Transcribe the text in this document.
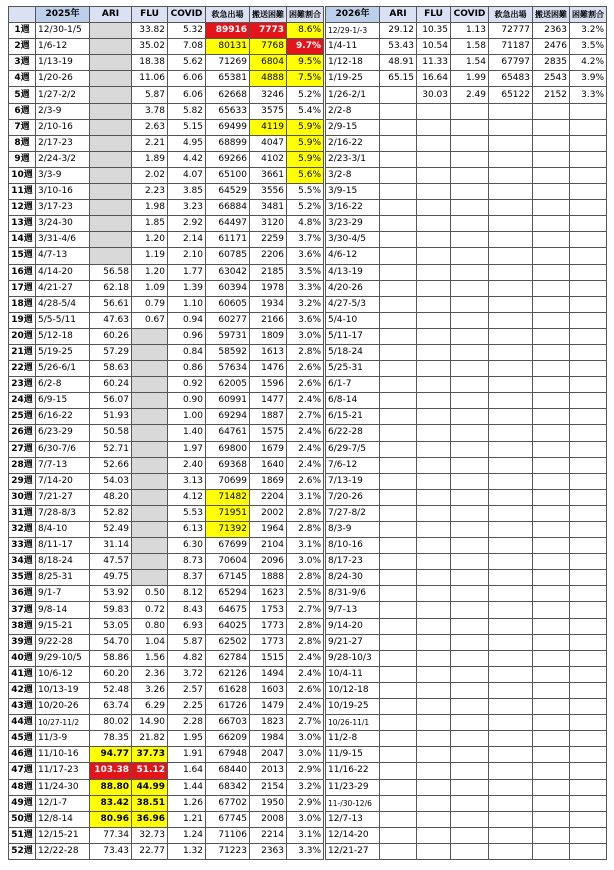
	2025年	ARI	FLU	COVID	救急出場	搬送困難	困難割合
1週	12/30-1/5		33.82	5.32	89916	7773	8.6%
2週	1/6-12		35.02	7.08	80131	7768	9.7%
3週	1/13-19		18.38	5.62	71269	6804	9.5%
4週	1/20-26		11.06	6.06	65381	4888	7.5%
5週	1/27-2/2		5.87	6.06	62668	3246	5.2%
6週	2/3-9		3.78	5.82	65633	3575	5.4%
7週	2/10-16		2.63	5.15	69499	4119	5.9%
8週	2/17-23		2.21	4.95	68899	4047	5.9%
9週	2/24-3/2		1.89	4.42	69266	4102	5.9%
10週	3/3-9		2.02	4.07	65100	3661	5.6%
11週	3/10-16		2.23	3.85	64529	3556	5.5%
12週	3/17-23		1.98	3.23	66884	3481	5.2%
13週	3/24-30		1.85	2.92	64497	3120	4.8%
14週	3/31-4/6		1.20	2.14	61171	2259	3.7%
15週	4/7-13		1.19	2.10	60785	2206	3.6%
16週	4/14-20	56.58	1.20	1.77	63042	2185	3.5%
17週	4/21-27	62.18	1.09	1.39	60394	1978	3.3%
18週	4/28-5/4	56.61	0.79	1.10	60605	1934	3.2%
19週	5/5-5/11	47.63	0.67	0.94	60277	2166	3.6%
20週	5/12-18	60.26		0.96	59731	1809	3.0%
21週	5/19-25	57.29		0.84	58592	1613	2.8%
22週	5/26-6/1	58.63		0.86	57634	1476	2.6%
23週	6/2-8	60.24		0.92	62005	1596	2.6%
24週	6/9-15	56.07		0.90	60991	1477	2.4%
25週	6/16-22	51.93		1.00	69294	1887	2.7%
26週	6/23-29	50.58		1.40	64761	1575	2.4%
27週	6/30-7/6	52.71		1.97	69800	1679	2.4%
28週	7/7-13	52.66		2.40	69368	1640	2.4%
29週	7/14-20	54.03		3.13	70699	1869	2.6%
30週	7/21-27	48.20		4.12	71482	2204	3.1%
31週	7/28-8/3	52.82		5.53	71951	2002	2.8%
32週	8/4-10	52.49		6.13	71392	1964	2.8%
33週	8/11-17	31.14		6.30	67699	2104	3.1%
34週	8/18-24	47.57		8.73	70604	2096	3.0%
35週	8/25-31	49.75		8.37	67145	1888	2.8%
36週	9/1-7	53.92	0.50	8.12	65294	1623	2.5%
37週	9/8-14	59.83	0.72	8.43	64675	1753	2.7%
38週	9/15-21	53.05	0.80	6.93	64025	1773	2.8%
39週	9/22-28	54.70	1.04	5.87	62502	1773	2.8%
40週	9/29-10/5	58.86	1.56	4.82	62784	1515	2.4%
41週	10/6-12	60.20	2.36	3.72	62126	1494	2.4%
42週	10/13-19	52.48	3.26	2.57	61628	1603	2.6%
43週	10/20-26	63.74	6.29	2.25	61726	1479	2.4%
44週	10/27-11/2	80.02	14.90	2.28	66703	1823	2.7%
45週	11/3-9	78.35	21.82	1.95	66209	1984	3.0%
46週	11/10-16	94.77	37.73	1.91	67948	2047	3.0%
47週	11/17-23	103.38	51.12	1.64	68440	2013	2.9%
48週	11/24-30	88.80	44.99	1.44	68342	2154	3.2%
49週	12/1-7	83.42	38.51	1.26	67702	1950	2.9%
50週	12/8-14	80.96	36.96	1.21	67745	2008	3.0%
51週	12/15-21	77.34	32.73	1.24	71106	2214	3.1%
52週	12/22-28	73.43	22.77	1.32	71223	2363	3.3%
2026年	ARI	FLU	COVID	救急出場	搬送困難	困難割合
12/29-1/-3	29.12	10.35	1.13	72777	2363	3.2%
1/4-11	53.43	10.54	1.58	71187	2476	3.5%
1/12-18	48.91	11.33	1.54	67797	2835	4.2%
1/19-25	65.15	16.64	1.99	65483	2543	3.9%
1/26-2/1		30.03	2.49	65122	2152	3.3%
2/2-8						
2/9-15						
2/16-22						
2/23-3/1						
3/2-8						
3/9-15						
3/16-22						
3/23-29						
3/30-4/5						
4/6-12						
4/13-19						
4/20-26						
4/27-5/3						
5/4-10						
5/11-17						
5/18-24						
5/25-31						
6/1-7						
6/8-14						
6/15-21						
6/22-28						
6/29-7/5						
7/6-12						
7/13-19						
7/20-26						
7/27-8/2						
8/3-9						
8/10-16						
8/17-23						
8/24-30						
8/31-9/6						
9/7-13						
9/14-20						
9/21-27						
9/28-10/3						
10/4-11						
10/12-18						
10/19-25						
10/26-11/1						
11/2-8						
11/9-15						
11/16-22						
11/23-29						
11-/30-12/6						
12/7-13						
12/14-20						
12/21-27						
